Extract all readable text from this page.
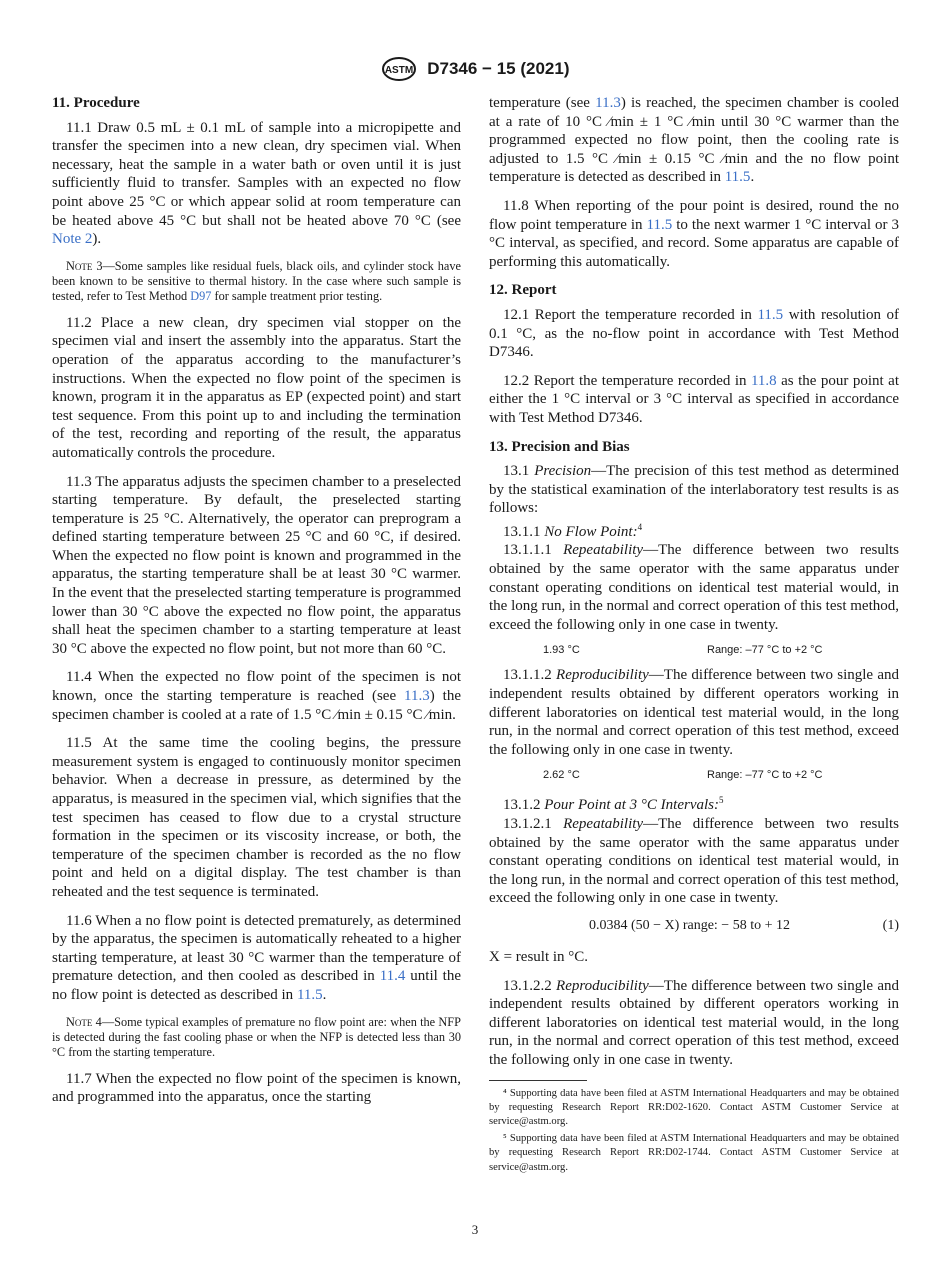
ASTM D7346 − 15 (2021)
11. Procedure

11.1 Draw 0.5 mL ± 0.1 mL of sample into a micropipette and transfer the specimen into a new clean, dry specimen vial. When necessary, heat the sample in a water bath or oven until it is just sufficiently fluid to transfer. Samples with an expected no flow point above 25 °C or which appear solid at room temperature can be heated above 45 °C but shall not be heated above 70 °C (see Note 2).

Note 3—Some samples like residual fuels, black oils, and cylinder stock have been known to be sensitive to thermal history. In the case where such sample is tested, refer to Test Method D97 for sample treatment prior testing.

11.2 Place a new clean, dry specimen vial stopper on the specimen vial and insert the assembly into the apparatus. Start the operation of the apparatus according to the manufacturer’s instructions. When the expected no flow point of the specimen is known, program it in the apparatus as EP (expected point) and start test sequence. From this point up to and including the termination of the test, recording and reporting of the result, the apparatus automatically controls the procedure.

11.3 The apparatus adjusts the specimen chamber to a preselected starting temperature. By default, the preselected starting temperature is 25 °C. Alternatively, the operator can preprogram a defined starting temperature between 25 °C and 60 °C, if desired. When the expected no flow point is known and programmed in the apparatus, the starting temperature shall be at least 30 °C warmer. In the event that the preselected starting temperature is programmed lower than 30 °C above the expected no flow point, the apparatus shall heat the specimen chamber to a starting temperature at least 30 °C above the expected no flow point, but not more than 60 °C.

11.4 When the expected no flow point of the specimen is not known, once the starting temperature is reached (see 11.3) the specimen chamber is cooled at a rate of 1.5 °C ⁄min ± 0.15 °C ⁄min.

11.5 At the same time the cooling begins, the pressure measurement system is engaged to continuously monitor specimen behavior. When a decrease in pressure, as determined by the apparatus, is measured in the specimen vial, which signifies that the test specimen has ceased to flow due to a crystal structure formation in the specimen or its viscosity increase, or both, the temperature of the specimen chamber is recorded as the no flow point and held on a digital display. The test chamber is than reheated and the test sequence is terminated.

11.6 When a no flow point is detected prematurely, as determined by the apparatus, the specimen is automatically reheated to a higher starting temperature, at least 30 °C warmer than the temperature of premature detection, and then cooled as described in 11.4 until the no flow point is detected as described in 11.5.

Note 4—Some typical examples of premature no flow point are: when the NFP is detected during the fast cooling phase or when the NFP is detected less than 30 °C from the starting temperature.

11.7 When the expected no flow point of the specimen is known, and programmed into the apparatus, once the starting

temperature (see 11.3) is reached, the specimen chamber is cooled at a rate of 10 °C ⁄min ± 1 °C ⁄min until 30 °C warmer than the programmed expected no flow point, then the cooling rate is adjusted to 1.5 °C ⁄min ± 0.15 °C ⁄min and the no flow point temperature is detected as described in 11.5.

11.8 When reporting of the pour point is desired, round the no flow point temperature in 11.5 to the next warmer 1 °C interval or 3 °C interval, as specified, and record. Some apparatus are capable of performing this automatically.

12. Report

12.1 Report the temperature recorded in 11.5 with resolution of 0.1 °C, as the no-flow point in accordance with Test Method D7346.

12.2 Report the temperature recorded in 11.8 as the pour point at either the 1 °C interval or 3 °C interval as specified in accordance with Test Method D7346.

13. Precision and Bias

13.1 Precision—The precision of this test method as determined by the statistical examination of the interlaboratory test results is as follows:

13.1.1 No Flow Point:$^4$

13.1.1.1 Repeatability—The difference between two results obtained by the same operator with the same apparatus under constant operating conditions on identical test material would, in the long run, in the normal and correct operation of this test method, exceed the following only in one case in twenty.

1.93 °C	Range: –77 °C to +2 °C

13.1.1.2 Reproducibility—The difference between two single and independent results obtained by different operators working in different laboratories on identical test material would, in the long run, in the normal and correct operation of this test method, exceed the following only in one case in twenty.

2.62 °C	Range: –77 °C to +2 °C

13.1.2 Pour Point at 3 °C Intervals:$^5$

13.1.2.1 Repeatability—The difference between two results obtained by the same operator with the same apparatus under constant operating conditions on identical test material would, in the long run, in the normal and correct operation of this test method, exceed the following only in one case in twenty.

0.0384 (50 − X) range: − 58 to + 12	(1)

X = result in °C.

13.1.2.2 Reproducibility—The difference between two single and independent results obtained by different operators working in different laboratories on identical test material would, in the long run, in the normal and correct operation of this test method, exceed the following only in one case in twenty.

⁴ Supporting data have been filed at ASTM International Headquarters and may be obtained by requesting Research Report RR:D02-1620. Contact ASTM Customer Service at service@astm.org.

⁵ Supporting data have been filed at ASTM International Headquarters and may be obtained by requesting Research Report RR:D02-1744. Contact ASTM Customer Service at service@astm.org.

3
